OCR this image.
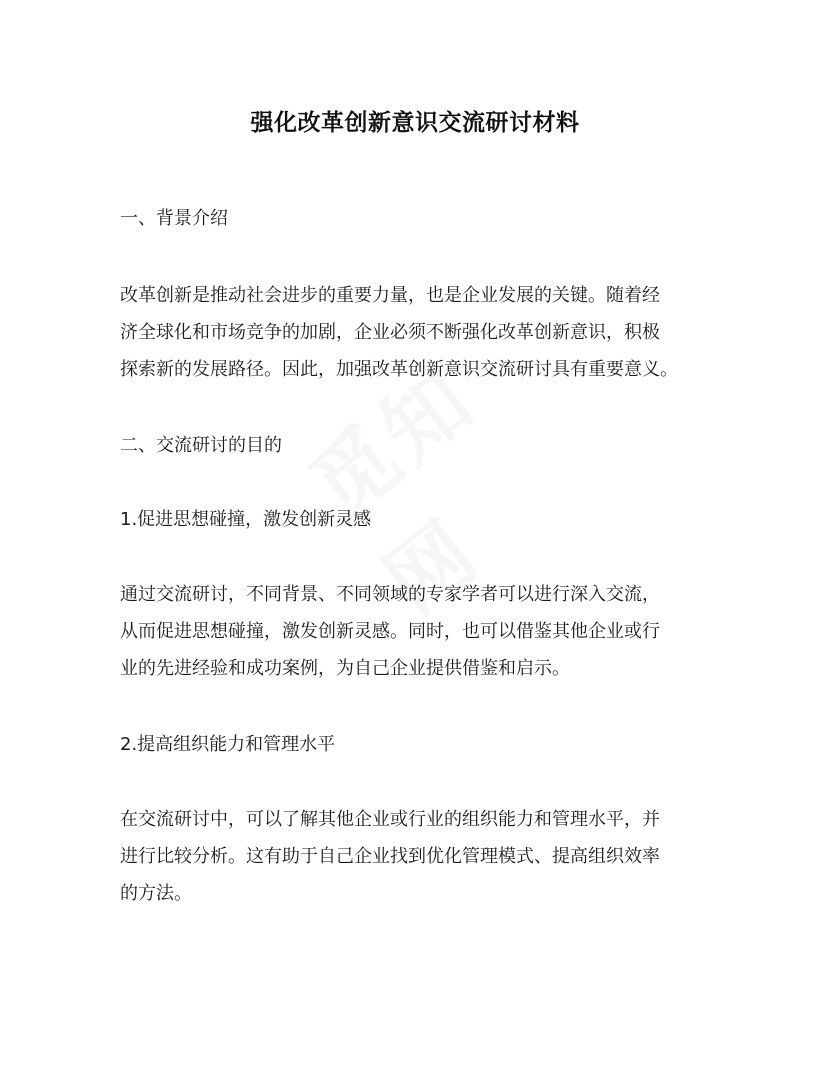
强化改革创新意识交流研讨材料
一、背景介绍
改革创新是推动社会进步的重要力量，也是企业发展的关键。随着经
济全球化和市场竞争的加剧，企业必须不断强化改革创新意识，积极
探索新的发展路径。因此，加强改革创新意识交流研讨具有重要意义。
二、交流研讨的目的
1.促进思想碰撞，激发创新灵感
通过交流研讨，不同背景、不同领域的专家学者可以进行深入交流，
从而促进思想碰撞，激发创新灵感。同时，也可以借鉴其他企业或行
业的先进经验和成功案例，为自己企业提供借鉴和启示。
2.提高组织能力和管理水平
在交流研讨中，可以了解其他企业或行业的组织能力和管理水平，并
进行比较分析。这有助于自己企业找到优化管理模式、提高组织效率
的方法。
